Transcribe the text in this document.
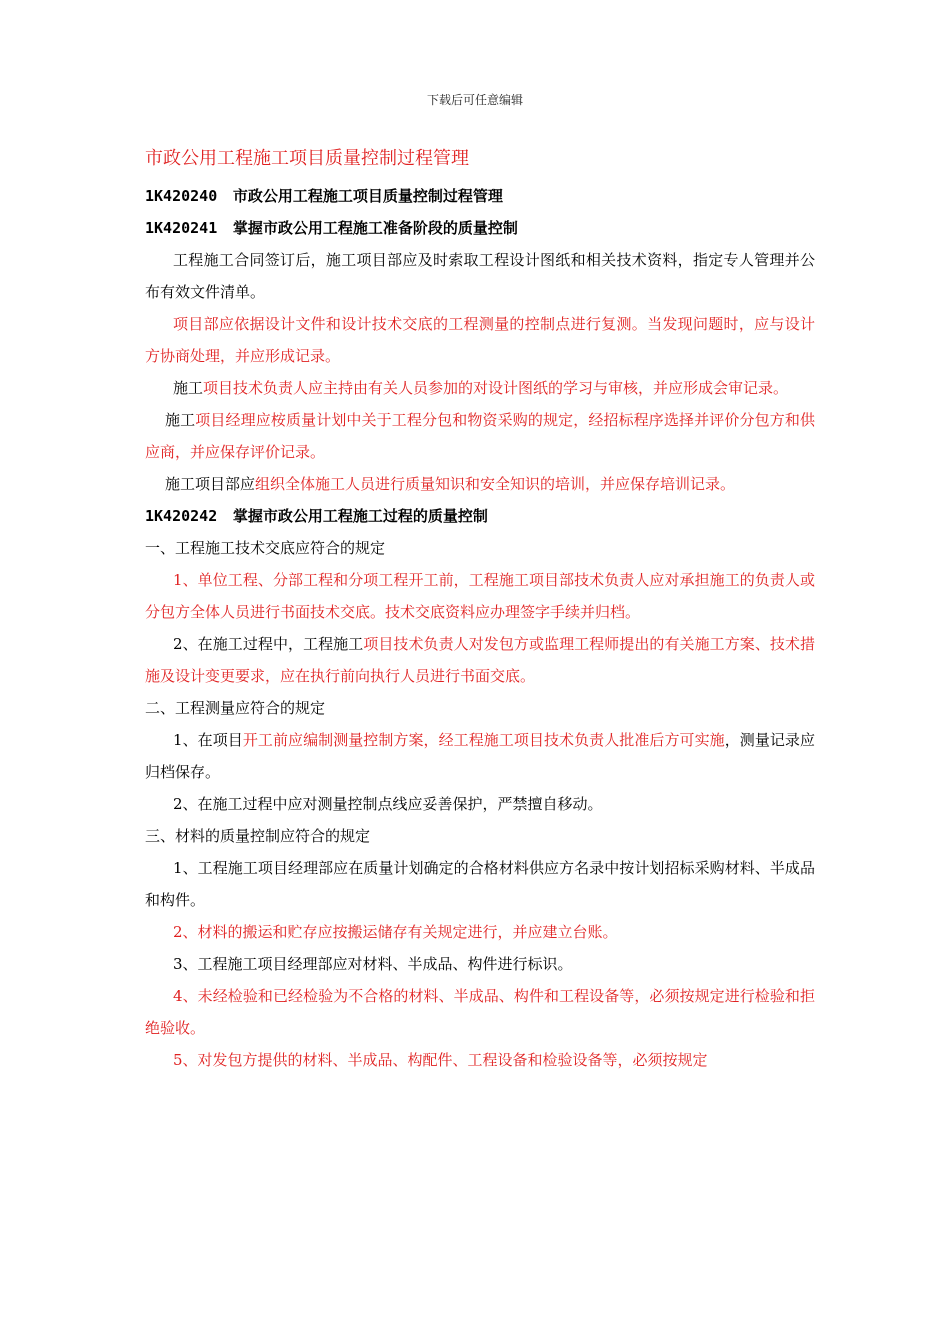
下载后可任意编辑
市政公用工程施工项目质量控制过程管理
1K420240 市政公用工程施工项目质量控制过程管理
1K420241 掌握市政公用工程施工准备阶段的质量控制

工程施工合同签订后，施工项目部应及时索取工程设计图纸和相关技术资料，指定专人管理并公布有效文件清单。

项目部应依据设计文件和设计技术交底的工程测量的控制点进行复测。当发现问题时，应与设计方协商处理，并应形成记录。

施工项目技术负责人应主持由有关人员参加的对设计图纸的学习与审核，并应形成会审记录。

施工项目经理应桉质量计划中关于工程分包和物资采购的规定，经招标程序选择并评价分包方和供应商，并应保存评价记录。

施工项目部应组织全体施工人员进行质量知识和安全知识的培训，并应保存培训记录。

1K420242 掌握市政公用工程施工过程的质量控制
一、工程施工技术交底应符合的规定

1、单位工程、分部工程和分项工程开工前，工程施工项目部技术负责人应对承担施工的负责人或分包方全体人员进行书面技术交底。技术交底资料应办理签字手续并归档。

2、在施工过程中，工程施工项目技术负责人对发包方或监理工程师提出的有关施工方案、技术措施及设计变更要求，应在执行前向执行人员进行书面交底。

二、工程测量应符合的规定

1、在项目开工前应编制测量控制方案，经工程施工项目技术负责人批准后方可实施，测量记录应归档保存。

2、在施工过程中应对测量控制点线应妥善保护，严禁擅自移动。

三、材料的质量控制应符合的规定

1、工程施工项目经理部应在质量计划确定的合格材料供应方名录中按计划招标采购材料、半成品和构件。

2、材料的搬运和贮存应按搬运储存有关规定进行，并应建立台账。

3、工程施工项目经理部应对材料、半成品、构件进行标识。

4、未经检验和已经检验为不合格的材料、半成品、构件和工程设备等，必须按规定进行检验和拒绝验收。

5、对发包方提供的材料、半成品、构配件、工程设备和检验设备等，必须按规定
